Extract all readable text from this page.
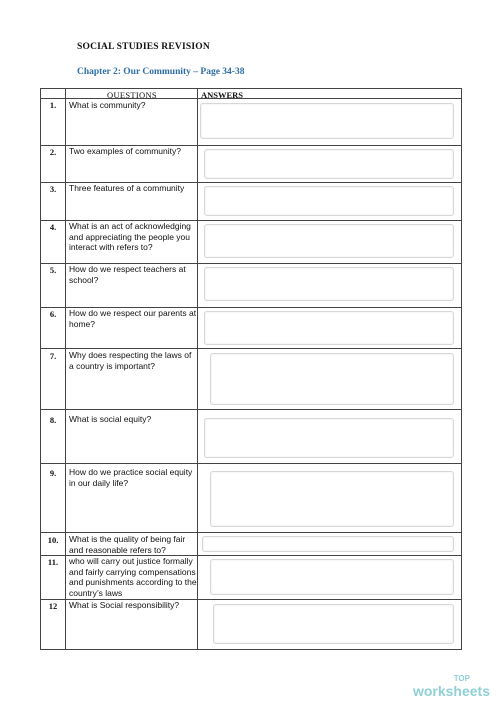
SOCIAL STUDIES REVISION
Chapter 2: Our Community – Page 34-38
QUESTIONS	ANSWERS
1.	What is community?
2.	Two examples of community?
3.	Three features of a community
4.	What is an act of acknowledging and appreciating the people you interact with refers to?
5.	How do we respect teachers at school?
6.	How do we respect our parents at home?
7.	Why does respecting the laws of a country is important?
8.	What is social equity?
9.	How do we practice social equity in our daily life?
10.	What is the quality of being fair and reasonable refers to?
11.	who will carry out justice formally and fairly carrying compensations and punishments according to the country’s laws
12	What is Social responsibility?
TOP
worksheets
